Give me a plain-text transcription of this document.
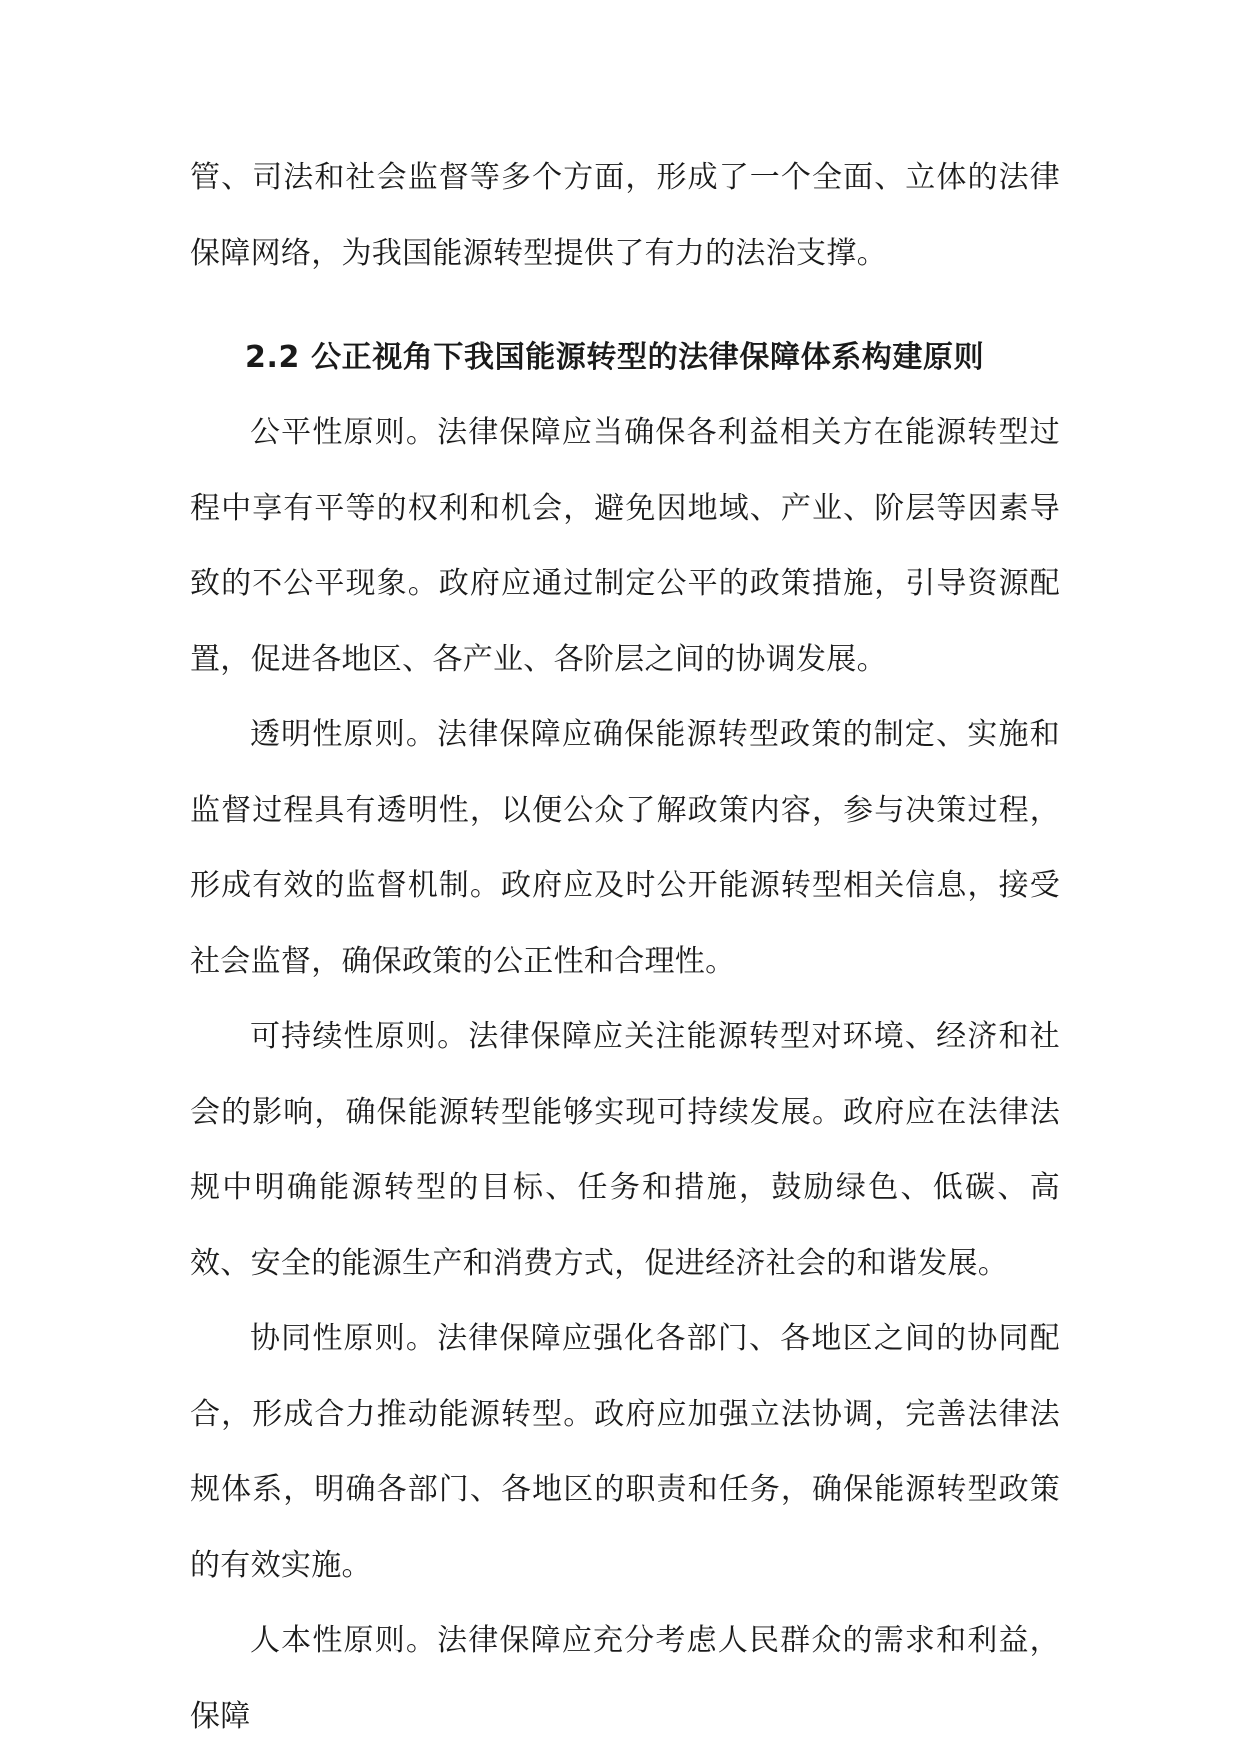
管、司法和社会监督等多个方面，形成了一个全面、立体的法律保障网络，为我国能源转型提供了有力的法治支撑。

2.2 公正视角下我国能源转型的法律保障体系构建原则

公平性原则。法律保障应当确保各利益相关方在能源转型过程中享有平等的权利和机会，避免因地域、产业、阶层等因素导致的不公平现象。政府应通过制定公平的政策措施，引导资源配置，促进各地区、各产业、各阶层之间的协调发展。

透明性原则。法律保障应确保能源转型政策的制定、实施和监督过程具有透明性，以便公众了解政策内容，参与决策过程，形成有效的监督机制。政府应及时公开能源转型相关信息，接受社会监督，确保政策的公正性和合理性。

可持续性原则。法律保障应关注能源转型对环境、经济和社会的影响，确保能源转型能够实现可持续发展。政府应在法律法规中明确能源转型的目标、任务和措施，鼓励绿色、低碳、高效、安全的能源生产和消费方式，促进经济社会的和谐发展。

协同性原则。法律保障应强化各部门、各地区之间的协同配合，形成合力推动能源转型。政府应加强立法协调，完善法律法规体系，明确各部门、各地区的职责和任务，确保能源转型政策的有效实施。

人本性原则。法律保障应充分考虑人民群众的需求和利益，保障
